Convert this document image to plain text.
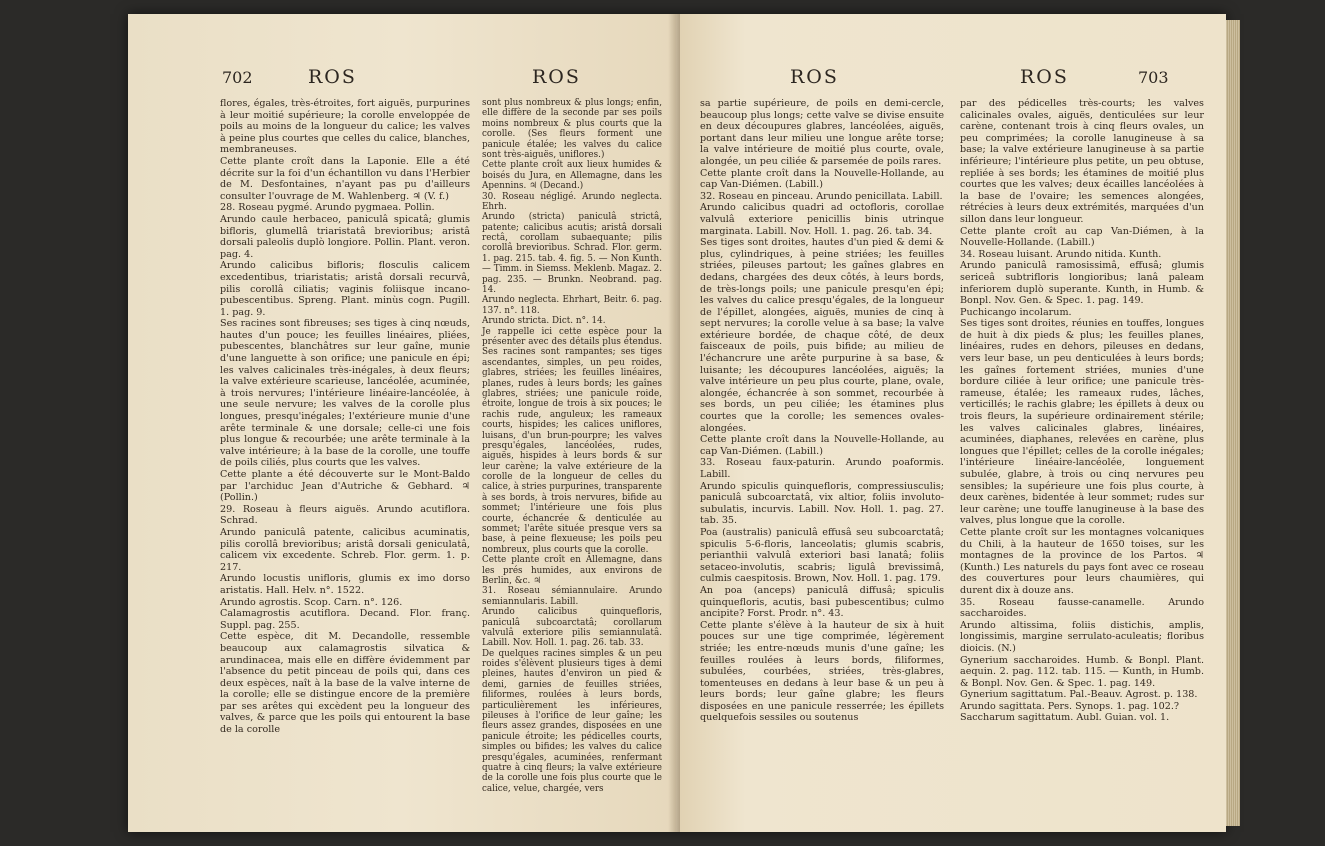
702	ROS	ROS
flores, égales, très-étroites, fort aiguës, purpurines à leur moitié supérieure; la corolle enveloppée de poils au moins de la longueur du calice; les valves à peine plus courtes que celles du calice, blanches, membraneuses.
Cette plante croît dans la Laponie. Elle a été décrite sur la foi d'un échantillon vu dans l'Herbier de M. Desfontaines, n'ayant pas pu d'ailleurs consulter l'ouvrage de M. Wahlenberg. ♃ (V. f.)
28. Roseau pygmé. Arundo pygmaea. Pollin.
Arundo caule herbaceo, paniculâ spicatâ; glumis bifloris, glumellâ triaristatâ brevioribus; aristâ dorsali paleolis duplò longiore. Pollin. Plant. veron. pag. 4.
Arundo calicibus bifloris; flosculis calicem excedentibus, triaristatis; aristâ dorsali recurvâ, pilis corollâ ciliatis; vaginis foliisque incano-pubescentibus. Spreng. Plant. minùs cogn. Pugill. 1. pag. 9.
Ses racines sont fibreuses; ses tiges à cinq nœuds, hautes d'un pouce; les feuilles linéaires, pliées, pubescentes, blanchâtres sur leur gaîne, munie d'une languette à son orifice; une panicule en épi; les valves calicinales très-inégales, à deux fleurs; la valve extérieure scarieuse, lancéolée, acuminée, à trois nervures; l'intérieure linéaire-lancéolée, à une seule nervure; les valves de la corolle plus longues, presqu'inégales; l'extérieure munie d'une arête terminale & une dorsale; celle-ci une fois plus longue & recourbée; une arête terminale à la valve intérieure; à la base de la corolle, une touffe de poils ciliés, plus courts que les valves.
Cette plante a été découverte sur le Mont-Baldo par l'archiduc Jean d'Autriche & Gebhard. ♃ (Pollin.)
29. Roseau à fleurs aiguës. Arundo acutiflora. Schrad.
Arundo paniculâ patente, calicibus acuminatis, pilis corollâ brevioribus; aristâ dorsali geniculatâ, calicem vix excedente. Schreb. Flor. germ. 1. p. 217.
Arundo locustis unifloris, glumis ex imo dorso aristatis. Hall. Helv. n°. 1522.
Arundo agrostis. Scop. Carn. n°. 126.
Calamagrostis acutiflora. Decand. Flor. franç. Suppl. pag. 255.
Cette espèce, dit M. Decandolle, ressemble beaucoup aux calamagrostis silvatica & arundinacea, mais elle en diffère évidemment par l'absence du petit pinceau de poils qui, dans ces deux espèces, naît à la base de la valve interne de la corolle; elle se distingue encore de la première par ses arêtes qui excèdent peu la longueur des valves, & parce que les poils qui entourent la base de la corolle
sont plus nombreux & plus longs; enfin, elle diffère de la seconde par ses poils moins nombreux & plus courts que la corolle. (Ses fleurs forment une panicule étalée; les valves du calice sont très-aiguës, uniflores.)
Cette plante croît aux lieux humides & boisés du Jura, en Allemagne, dans les Apennins. ♃ (Decand.)
30. Roseau négligé. Arundo neglecta. Ehrh.
Arundo (stricta) paniculâ strictâ, patente; calicibus acutis; aristâ dorsali rectâ, corollam subaequante; pilis corollâ brevioribus. Schrad. Flor. germ. 1. pag. 215. tab. 4. fig. 5. — Non Kunth. — Timm. in Siemss. Meklenb. Magaz. 2. pag. 235. — Brunkn. Neobrand. pag. 14.
Arundo neglecta. Ehrhart, Beitr. 6. pag. 137. n°. 118.
Arundo stricta. Dict. n°. 14.
Je rappelle ici cette espèce pour la présenter avec des détails plus étendus. Ses racines sont rampantes; ses tiges ascendantes, simples, un peu roides, glabres, striées; les feuilles linéaires, planes, rudes à leurs bords; les gaînes glabres, striées; une panicule roide, étroite, longue de trois à six pouces; le rachis rude, anguleux; les rameaux courts, hispides; les calices uniflores, luisans, d'un brun-pourpre; les valves presqu'égales, lancéolées, rudes, aiguës, hispides à leurs bords & sur leur carène; la valve extérieure de la corolle de la longueur de celles du calice, à stries purpurines, transparente à ses bords, à trois nervures, bifide au sommet; l'intérieure une fois plus courte, échancrée & denticulée au sommet; l'arête située presque vers sa base, à peine flexueuse; les poils peu nombreux, plus courts que la corolle.
Cette plante croît en Allemagne, dans les prés humides, aux environs de Berlin, &c. ♃
31. Roseau sémiannulaire. Arundo semiannularis. Labill.
Arundo calicibus quinquefloris, paniculâ subcoarctatâ; corollarum valvulâ exteriore pilis semiannulatâ. Labill. Nov. Holl. 1. pag. 26. tab. 33.
De quelques racines simples & un peu roides s'élèvent plusieurs tiges à demi pleines, hautes d'environ un pied & demi, garnies de feuilles striées, filiformes, roulées à leurs bords, particulièrement les inférieures, pileuses à l'orifice de leur gaîne; les fleurs assez grandes, disposées en une panicule étroite; les pédicelles courts, simples ou bifides; les valves du calice presqu'égales, acuminées, renfermant quatre à cinq fleurs; la valve extérieure de la corolle une fois plus courte que le calice, velue, chargée, vers
ROS	ROS	703
sa partie supérieure, de poils en demi-cercle, beaucoup plus longs; cette valve se divise ensuite en deux découpures glabres, lancéolées, aiguës, portant dans leur milieu une longue arête torse; la valve intérieure de moitié plus courte, ovale, alongée, un peu ciliée & parsemée de poils rares.
Cette plante croît dans la Nouvelle-Hollande, au cap Van-Diémen. (Labill.)
32. Roseau en pinceau. Arundo penicillata. Labill.
Arundo calicibus quadri ad octofloris, corollae valvulâ exteriore penicillis binis utrinque marginata. Labill. Nov. Holl. 1. pag. 26. tab. 34.
Ses tiges sont droites, hautes d'un pied & demi & plus, cylindriques, à peine striées; les feuilles striées, pileuses partout; les gaînes glabres en dedans, chargées des deux côtés, à leurs bords, de très-longs poils; une panicule presqu'en épi; les valves du calice presqu'égales, de la longueur de l'épillet, alongées, aiguës, munies de cinq à sept nervures; la corolle velue à sa base; la valve extérieure bordée, de chaque côté, de deux faisceaux de poils, puis bifide; au milieu de l'échancrure une arête purpurine à sa base, & luisante; les découpures lancéolées, aiguës; la valve intérieure un peu plus courte, plane, ovale, alongée, échancrée à son sommet, recourbée à ses bords, un peu ciliée; les étamines plus courtes que la corolle; les semences ovales-alongées.
Cette plante croît dans la Nouvelle-Hollande, au cap Van-Diémen. (Labill.)
33. Roseau faux-paturin. Arundo poaformis. Labill.
Arundo spiculis quinquefloris, compressiusculis; paniculâ subcoarctatâ, vix altior, foliis involuto-subulatis, incurvis. Labill. Nov. Holl. 1. pag. 27. tab. 35.
Poa (australis) paniculâ effusâ seu subcoarctatâ; spiculis 5-6-floris, lanceolatis; glumis scabris, perianthii valvulâ exteriori basi lanatâ; foliis setaceo-involutis, scabris; ligulâ brevissimâ, culmis caespitosis. Brown, Nov. Holl. 1. pag. 179.
An poa (anceps) paniculâ diffusâ; spiculis quinquefloris, acutis, basi pubescentibus; culmo ancipite? Forst. Prodr. n°. 43.
Cette plante s'élève à la hauteur de six à huit pouces sur une tige comprimée, légèrement striée; les entre-nœuds munis d'une gaîne; les feuilles roulées à leurs bords, filiformes, subulées, courbées, striées, très-glabres, tomenteuses en dedans à leur base & un peu à leurs bords; leur gaîne glabre; les fleurs disposées en une panicule resserrée; les épillets quelquefois sessiles ou soutenus
par des pédicelles très-courts; les valves calicinales ovales, aiguës, denticulées sur leur carène, contenant trois à cinq fleurs ovales, un peu comprimées; la corolle lanugineuse à sa base; la valve extérieure lanugineuse à sa partie inférieure; l'intérieure plus petite, un peu obtuse, repliée à ses bords; les étamines de moitié plus courtes que les valves; deux écailles lancéolées à la base de l'ovaire; les semences alongées, rétrécies à leurs deux extrémités, marquées d'un sillon dans leur longueur.
Cette plante croît au cap Van-Diémen, à la Nouvelle-Hollande. (Labill.)
34. Roseau luisant. Arundo nitida. Kunth.
Arundo paniculâ ramosissimâ, effusâ; glumis sericeâ subtrifloris longioribus; lanâ paleam inferiorem duplò superante. Kunth, in Humb. & Bonpl. Nov. Gen. & Spec. 1. pag. 149.
Puchicango incolarum.
Ses tiges sont droites, réunies en touffes, longues de huit à dix pieds & plus; les feuilles planes, linéaires, rudes en dehors, pileuses en dedans, vers leur base, un peu denticulées à leurs bords; les gaînes fortement striées, munies d'une bordure ciliée à leur orifice; une panicule très-rameuse, étalée; les rameaux rudes, lâches, verticillés; le rachis glabre; les épillets à deux ou trois fleurs, la supérieure ordinairement stérile; les valves calicinales glabres, linéaires, acuminées, diaphanes, relevées en carène, plus longues que l'épillet; celles de la corolle inégales; l'intérieure linéaire-lancéolée, longuement subulée, glabre, à trois ou cinq nervures peu sensibles; la supérieure une fois plus courte, à deux carènes, bidentée à leur sommet; rudes sur leur carène; une touffe lanugineuse à la base des valves, plus longue que la corolle.
Cette plante croît sur les montagnes volcaniques du Chili, à la hauteur de 1650 toises, sur les montagnes de la province de los Partos. ♃ (Kunth.) Les naturels du pays font avec ce roseau des couvertures pour leurs chaumières, qui durent dix à douze ans.
35. Roseau fausse-canamelle. Arundo saccharoides.
Arundo altissima, foliis distichis, amplis, longissimis, margine serrulato-aculeatis; floribus dioicis. (N.)
Gynerium saccharoides. Humb. & Bonpl. Plant. aequin. 2. pag. 112. tab. 115. — Kunth, in Humb. & Bonpl. Nov. Gen. & Spec. 1. pag. 149.
Gynerium sagittatum. Pal.-Beauv. Agrost. p. 138.
Arundo sagittata. Pers. Synops. 1. pag. 102.?
Saccharum sagittatum. Aubl. Guian. vol. 1.
